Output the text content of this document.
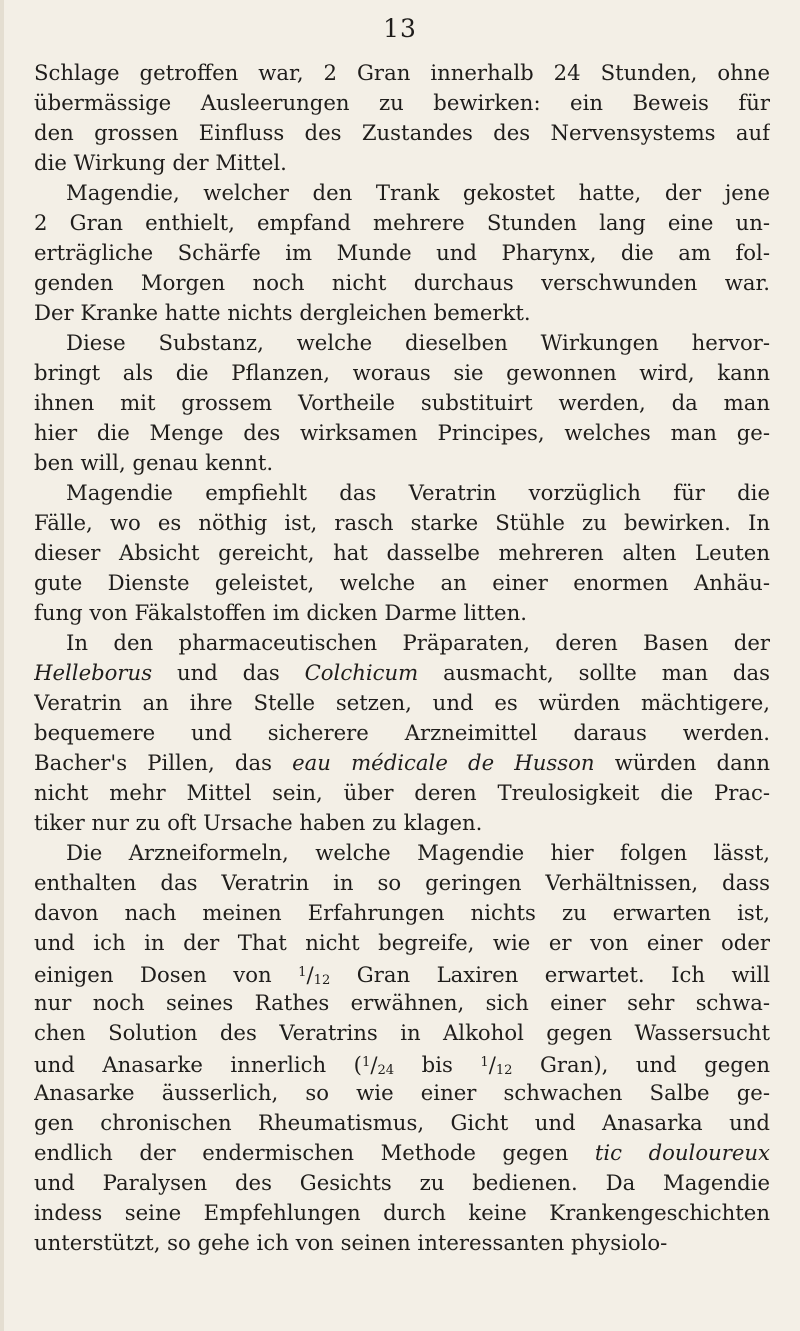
13
Schlage getroffen war, 2 Gran innerhalb 24 Stunden, ohne
übermässige Ausleerungen zu bewirken: ein Beweis für
den grossen Einfluss des Zustandes des Nervensystems auf
die Wirkung der Mittel.
Magendie, welcher den Trank gekostet hatte, der jene
2 Gran enthielt, empfand mehrere Stunden lang eine un-
erträgliche Schärfe im Munde und Pharynx, die am fol-
genden Morgen noch nicht durchaus verschwunden war.
Der Kranke hatte nichts dergleichen bemerkt.
Diese Substanz, welche dieselben Wirkungen hervor-
bringt als die Pflanzen, woraus sie gewonnen wird, kann
ihnen mit grossem Vortheile substituirt werden, da man
hier die Menge des wirksamen Principes, welches man ge-
ben will, genau kennt.
Magendie empfiehlt das Veratrin vorzüglich für die
Fälle, wo es nöthig ist, rasch starke Stühle zu bewirken. In
dieser Absicht gereicht, hat dasselbe mehreren alten Leuten
gute Dienste geleistet, welche an einer enormen Anhäu-
fung von Fäkalstoffen im dicken Darme litten.
In den pharmaceutischen Präparaten, deren Basen der
Helleborus und das Colchicum ausmacht, sollte man das
Veratrin an ihre Stelle setzen, und es würden mächtigere,
bequemere und sicherere Arzneimittel daraus werden.
Bacher's Pillen, das eau médicale de Husson würden dann
nicht mehr Mittel sein, über deren Treulosigkeit die Prac-
tiker nur zu oft Ursache haben zu klagen.
Die Arzneiformeln, welche Magendie hier folgen lässt,
enthalten das Veratrin in so geringen Verhältnissen, dass
davon nach meinen Erfahrungen nichts zu erwarten ist,
und ich in der That nicht begreife, wie er von einer oder
einigen Dosen von $^1$/12 Gran Laxiren erwartet. Ich will
nur noch seines Rathes erwähnen, sich einer sehr schwa-
chen Solution des Veratrins in Alkohol gegen Wassersucht
und Anasarke innerlich ($^1$/24 bis $^1$/12 Gran), und gegen
Anasarke äusserlich, so wie einer schwachen Salbe ge-
gen chronischen Rheumatismus, Gicht und Anasarka und
endlich der endermischen Methode gegen tic douloureux
und Paralysen des Gesichts zu bedienen. Da Magendie
indess seine Empfehlungen durch keine Krankengeschichten
unterstützt, so gehe ich von seinen interessanten physiolo-
